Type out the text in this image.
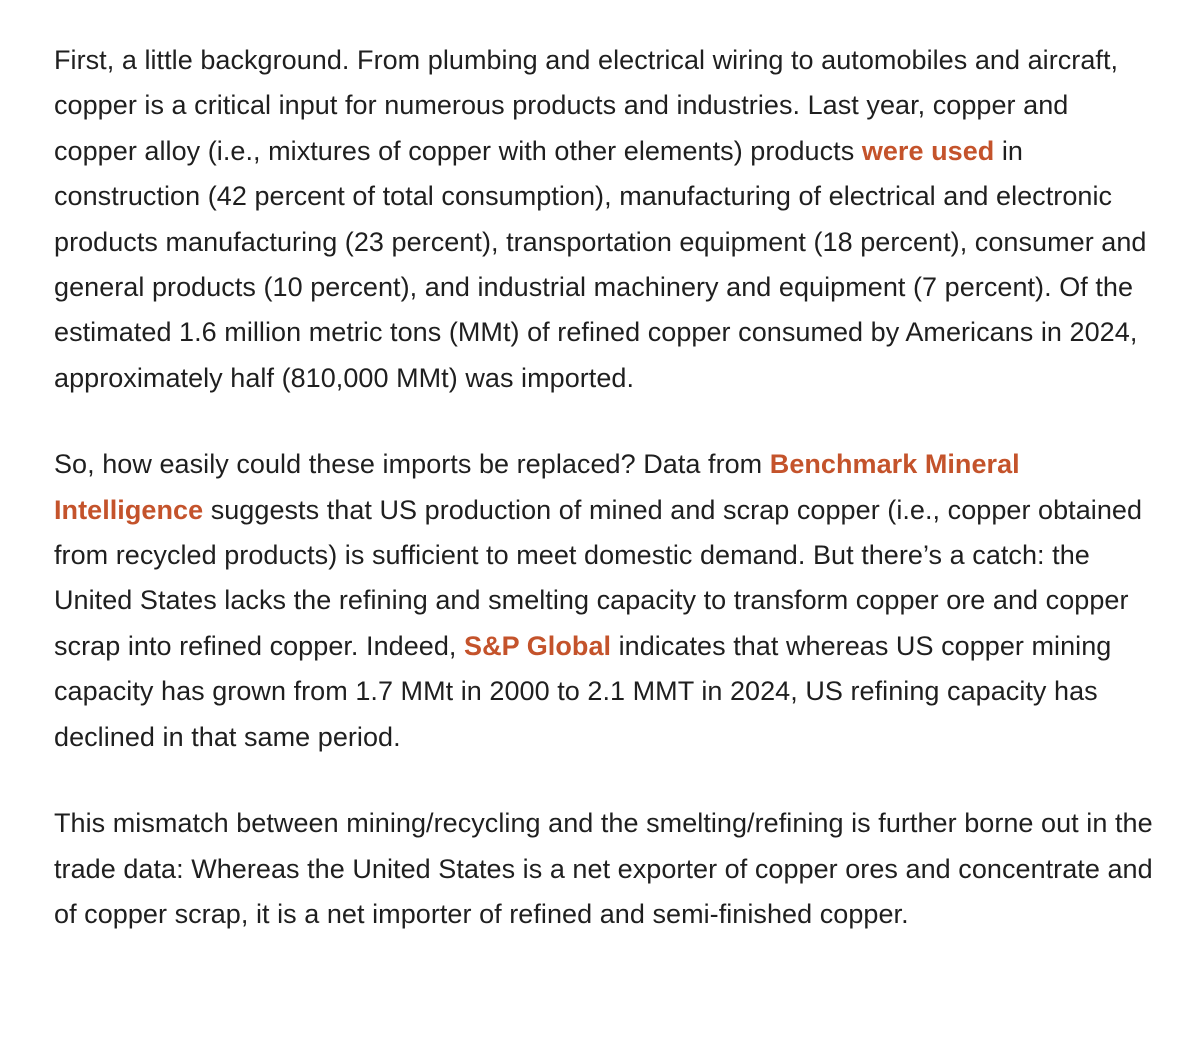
First, a little background. From plumbing and electrical wiring to automobiles and aircraft, copper is a critical input for numerous products and industries. Last year, copper and copper alloy (i.e., mixtures of copper with other elements) products were used in construction (42 percent of total consumption), manufacturing of electrical and electronic products manufacturing (23 percent), transportation equipment (18 percent), consumer and general products (10 percent), and industrial machinery and equipment (7 percent). Of the estimated 1.6 million metric tons (MMt) of refined copper consumed by Americans in 2024, approximately half (810,000 MMt) was imported.

So, how easily could these imports be replaced? Data from Benchmark Mineral Intelligence suggests that US production of mined and scrap copper (i.e., copper obtained from recycled products) is sufficient to meet domestic demand. But there’s a catch: the United States lacks the refining and smelting capacity to transform copper ore and copper scrap into refined copper. Indeed, S&P Global indicates that whereas US copper mining capacity has grown from 1.7 MMt in 2000 to 2.1 MMT in 2024, US refining capacity has declined in that same period.

This mismatch between mining/recycling and the smelting/refining is further borne out in the trade data: Whereas the United States is a net exporter of copper ores and concentrate and of copper scrap, it is a net importer of refined and semi-finished copper.
